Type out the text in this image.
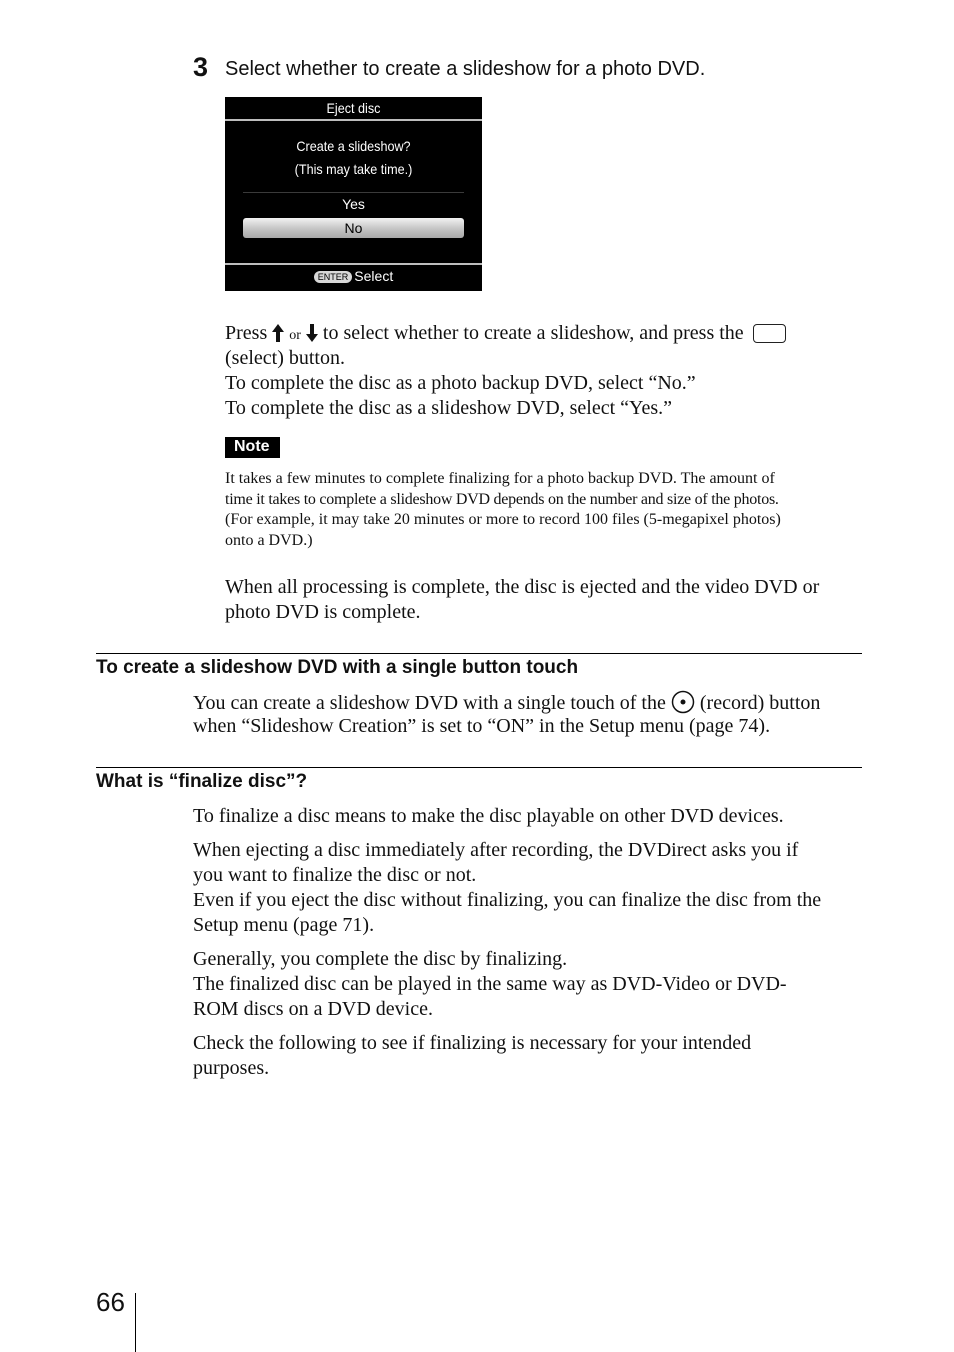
3 Select whether to create a slideshow for a photo DVD.
Eject disc
Create a slideshow?
(This may take time.)
Yes
No
ENTER Select
Press or to select whether to create a slideshow, and press the
(select) button.
To complete the disc as a photo backup DVD, select “No.”
To complete the disc as a slideshow DVD, select “Yes.”
Note
It takes a few minutes to complete finalizing for a photo backup DVD. The amount of
time it takes to complete a slideshow DVD depends on the number and size of the photos.
(For example, it may take 20 minutes or more to record 100 files (5-megapixel photos)
onto a DVD.)
When all processing is complete, the disc is ejected and the video DVD or
photo DVD is complete.
To create a slideshow DVD with a single button touch
You can create a slideshow DVD with a single touch of the (record) button
when “Slideshow Creation” is set to “ON” in the Setup menu (page 74).
What is “finalize disc”?
To finalize a disc means to make the disc playable on other DVD devices.
When ejecting a disc immediately after recording, the DVDirect asks you if
you want to finalize the disc or not.
Even if you eject the disc without finalizing, you can finalize the disc from the
Setup menu (page 71).
Generally, you complete the disc by finalizing.
The finalized disc can be played in the same way as DVD-Video or DVD-
ROM discs on a DVD device.
Check the following to see if finalizing is necessary for your intended
purposes.
66
